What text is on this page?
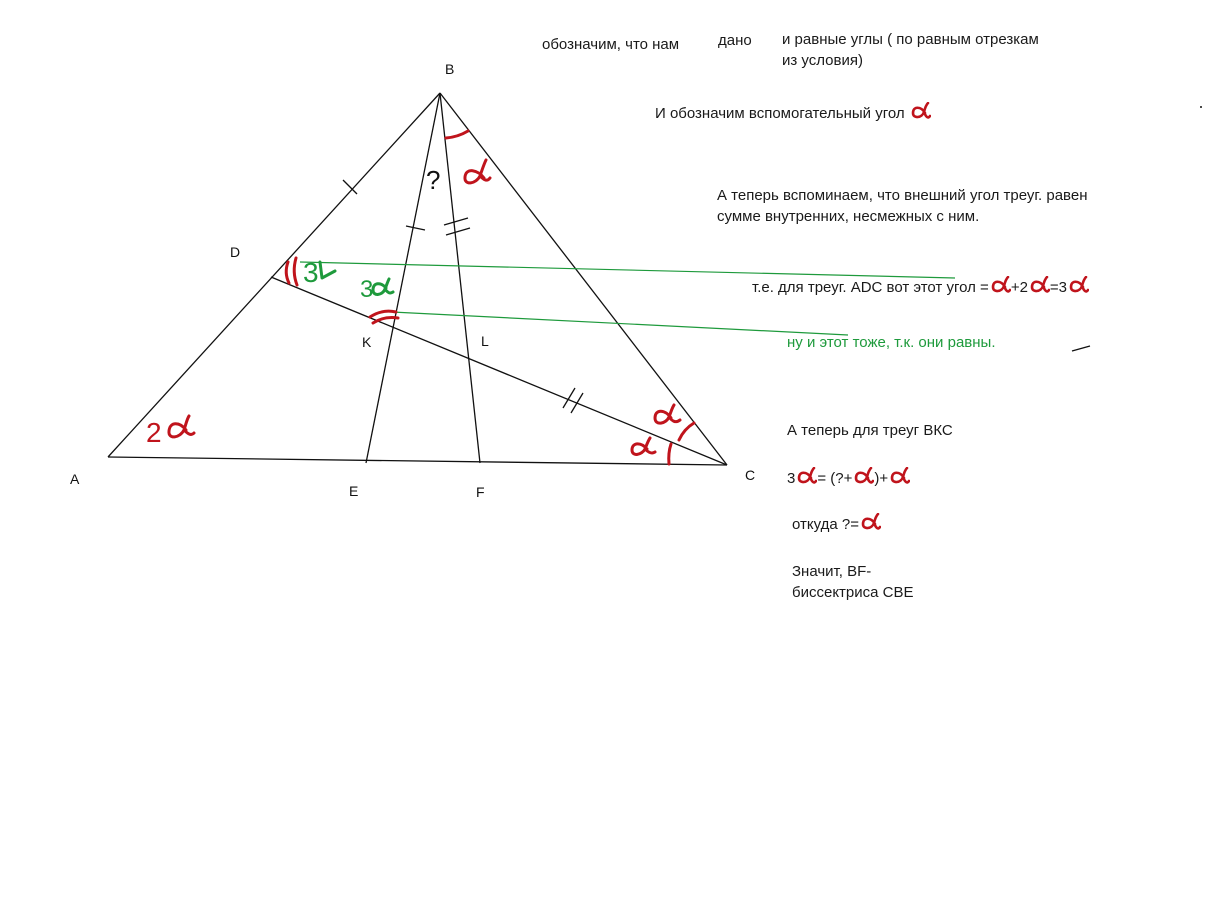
A
B
C
D
E	F
K	L
?
2
3
3
обозначим, что нам	дано и равные углы ( по равным отрезкам
из условия)
И обозначим вспомогательный угол
А теперь вспоминаем, что внешний угол треуг. равен
сумме внутренних, несмежных с ним.
т.е. для треуг. ADC вот этот угол = +2 =3
ну и этот тоже, т.к. они равны.
А теперь для треуг ВКС
3 = (?+ )+
откуда ?=
Значит, BF-
биссектриса СВЕ
